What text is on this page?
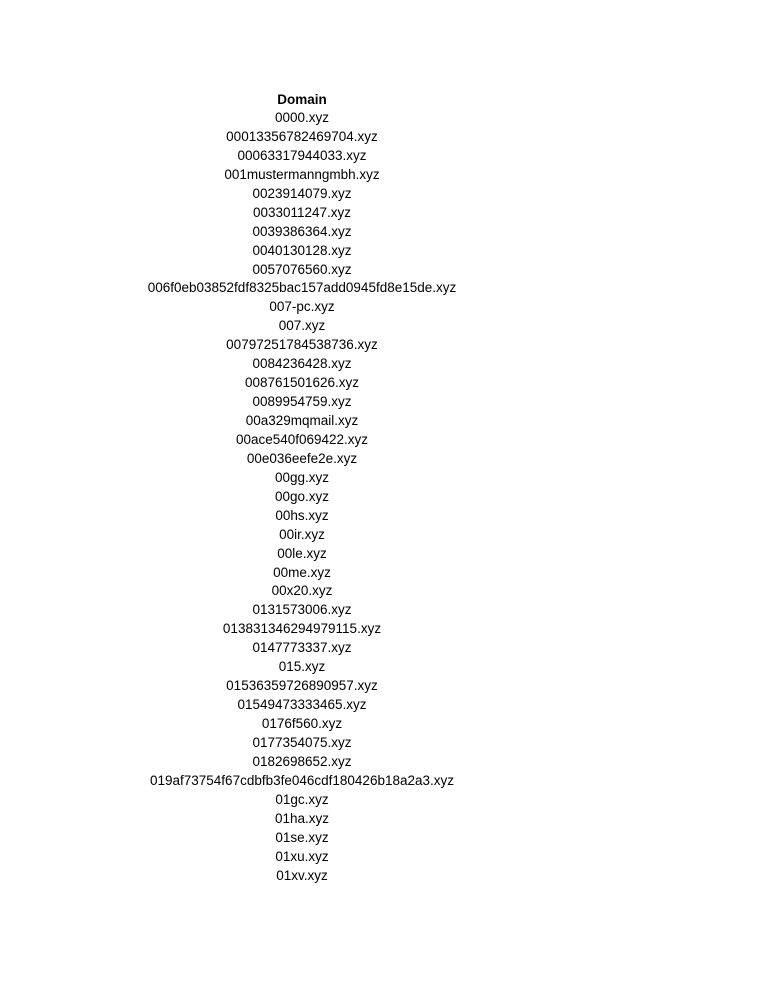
Domain
0000.xyz
00013356782469704.xyz
00063317944033.xyz
001mustermanngmbh.xyz
0023914079.xyz
0033011247.xyz
0039386364.xyz
0040130128.xyz
0057076560.xyz
006f0eb03852fdf8325bac157add0945fd8e15de.xyz
007-pc.xyz
007.xyz
00797251784538736.xyz
0084236428.xyz
008761501626.xyz
0089954759.xyz
00a329mqmail.xyz
00ace540f069422.xyz
00e036eefe2e.xyz
00gg.xyz
00go.xyz
00hs.xyz
00ir.xyz
00le.xyz
00me.xyz
00x20.xyz
0131573006.xyz
013831346294979115.xyz
0147773337.xyz
015.xyz
01536359726890957.xyz
01549473333465.xyz
0176f560.xyz
0177354075.xyz
0182698652.xyz
019af73754f67cdbfb3fe046cdf180426b18a2a3.xyz
01gc.xyz
01ha.xyz
01se.xyz
01xu.xyz
01xv.xyz
